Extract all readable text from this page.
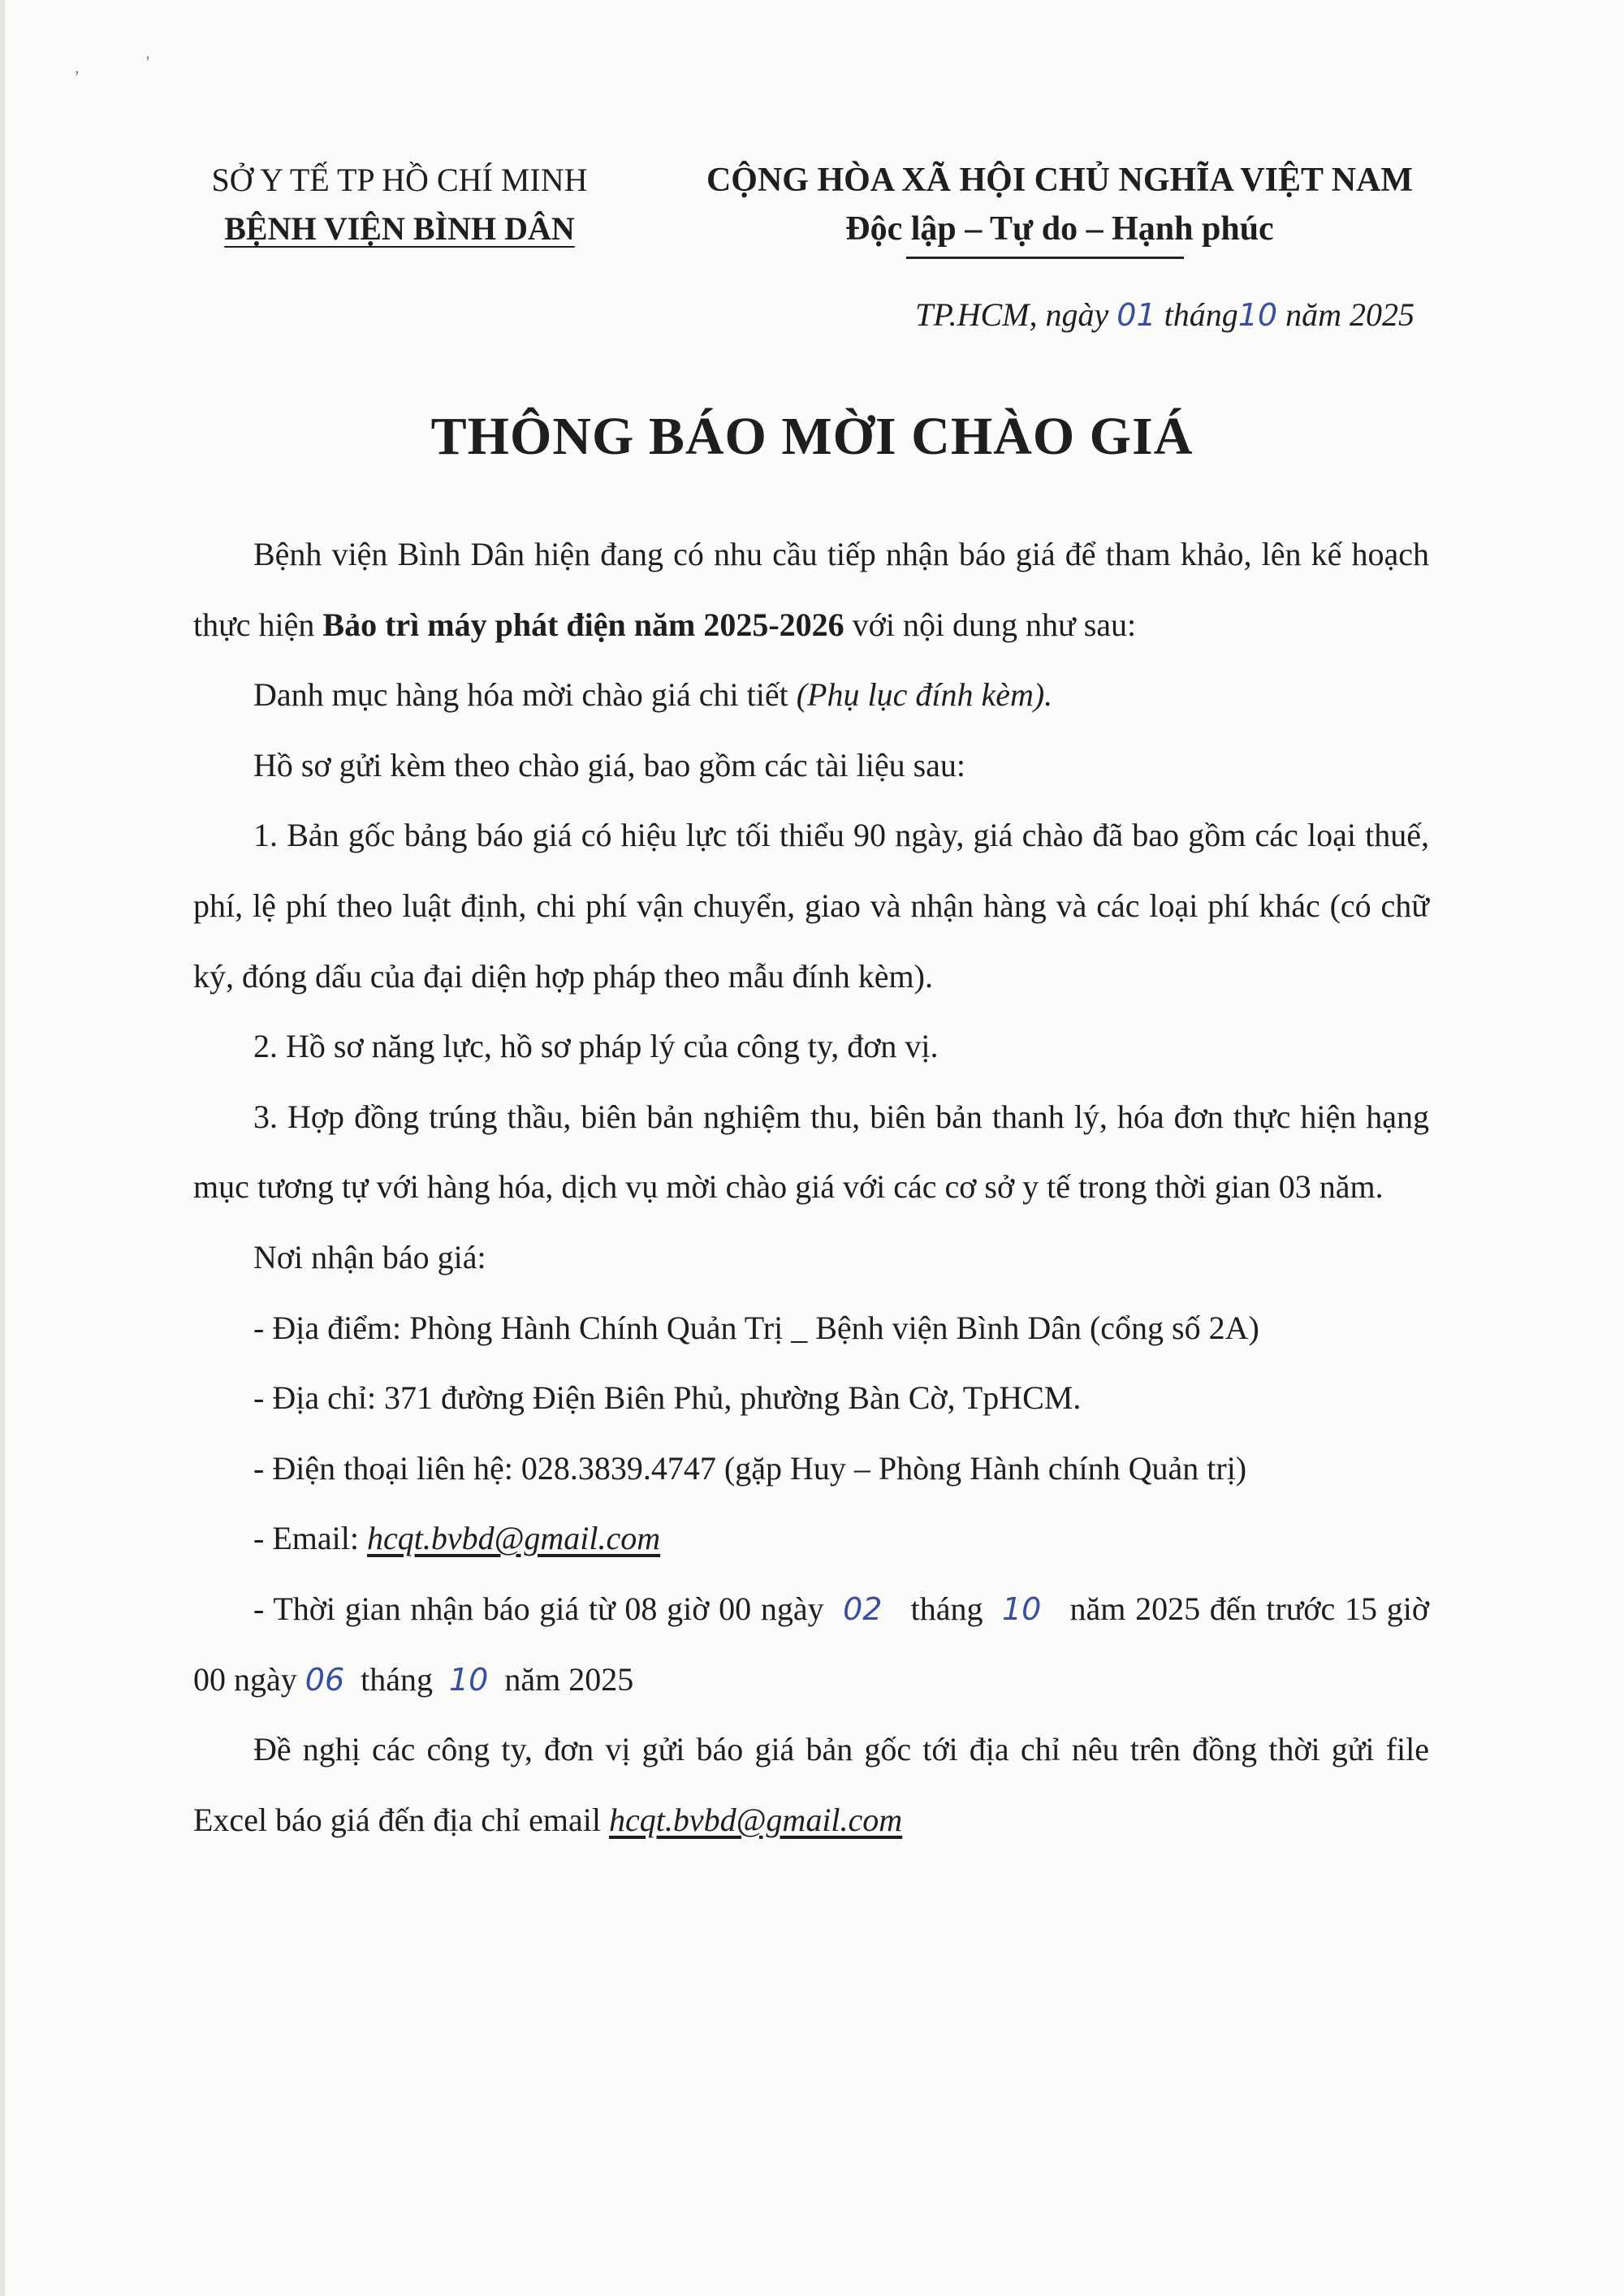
,	'
SỞ Y TẾ TP HỒ CHÍ MINH
BỆNH VIỆN BÌNH DÂN
CỘNG HÒA XÃ HỘI CHỦ NGHĨA VIỆT NAM
Độc lập – Tự do – Hạnh phúc
TP.HCM, ngày 01 tháng10 năm 2025
THÔNG BÁO MỜI CHÀO GIÁ

Bệnh viện Bình Dân hiện đang có nhu cầu tiếp nhận báo giá để tham khảo, lên kế hoạch thực hiện Bảo trì máy phát điện năm 2025-2026 với nội dung như sau:

Danh mục hàng hóa mời chào giá chi tiết (Phụ lục đính kèm).

Hồ sơ gửi kèm theo chào giá, bao gồm các tài liệu sau:

1. Bản gốc bảng báo giá có hiệu lực tối thiểu 90 ngày, giá chào đã bao gồm các loại thuế, phí, lệ phí theo luật định, chi phí vận chuyển, giao và nhận hàng và các loại phí khác (có chữ ký, đóng dấu của đại diện hợp pháp theo mẫu đính kèm).

2. Hồ sơ năng lực, hồ sơ pháp lý của công ty, đơn vị.

3. Hợp đồng trúng thầu, biên bản nghiệm thu, biên bản thanh lý, hóa đơn thực hiện hạng mục tương tự với hàng hóa, dịch vụ mời chào giá với các cơ sở y tế trong thời gian 03 năm.

Nơi nhận báo giá:

- Địa điểm: Phòng Hành Chính Quản Trị _ Bệnh viện Bình Dân (cổng số 2A)

- Địa chỉ: 371 đường Điện Biên Phủ, phường Bàn Cờ, TpHCM.

- Điện thoại liên hệ: 028.3839.4747 (gặp Huy – Phòng Hành chính Quản trị)

- Email: hcqt.bvbd@gmail.com

- Thời gian nhận báo giá từ 08 giờ 00 ngày 02 tháng 10 năm 2025 đến trước 15 giờ 00 ngày 06 tháng 10 năm 2025

Đề nghị các công ty, đơn vị gửi báo giá bản gốc tới địa chỉ nêu trên đồng thời gửi file Excel báo giá đến địa chỉ email hcqt.bvbd@gmail.com
